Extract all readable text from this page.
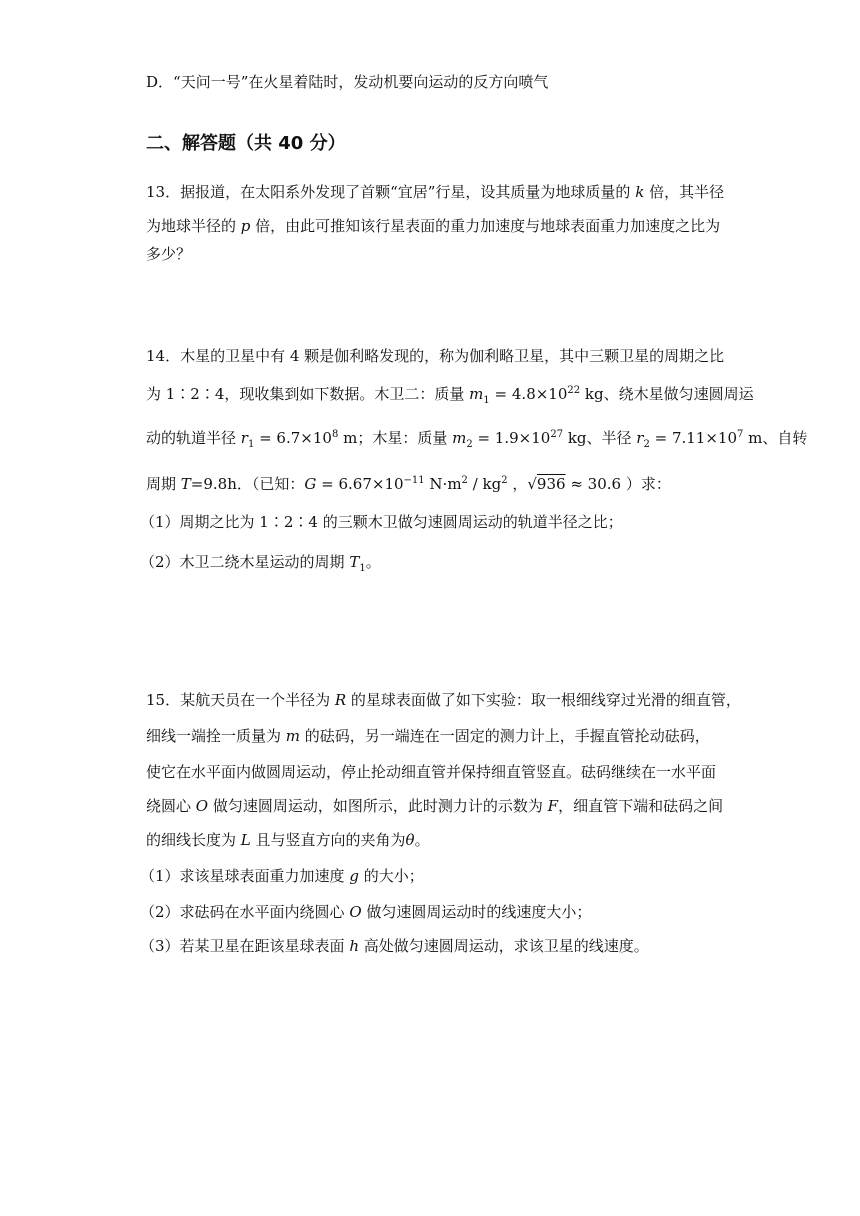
D．“天问一号”在火星着陆时，发动机要向运动的反方向喷气
二、解答题（共 40 分）
13．据报道，在太阳系外发现了首颗“宜居”行星，设其质量为地球质量的 k 倍，其半径
为地球半径的 p 倍，由此可推知该行星表面的重力加速度与地球表面重力加速度之比为
多少？
14．木星的卫星中有 4 颗是伽利略发现的，称为伽利略卫星，其中三颗卫星的周期之比
为 1∶2∶4，现收集到如下数据。木卫二：质量 $m_1 = 4.8\times 10^{22}$ kg、绕木星做匀速圆周运
动的轨道半径 $r_1 = 6.7\times 10^8$ m；木星：质量 $m_2 = 1.9\times 10^{27}$ kg、半径 $r_2 = 7.11\times 10^7$ m、自转
周期 T=9.8h．（已知：$G = 6.67\times 10^{-11}$ $N\cdot m^2 / kg^2$ ，√936 ≈ 30.6 ）求：
（1）周期之比为 1∶2∶4 的三颗木卫做匀速圆周运动的轨道半径之比；
（2）木卫二绕木星运动的周期 $T_1$。
15．某航天员在一个半径为 R 的星球表面做了如下实验：取一根细线穿过光滑的细直管，
细线一端拴一质量为 m 的砝码，另一端连在一固定的测力计上，手握直管抡动砝码，
使它在水平面内做圆周运动，停止抡动细直管并保持细直管竖直。砝码继续在一水平面
绕圆心 O 做匀速圆周运动，如图所示，此时测力计的示数为 F，细直管下端和砝码之间
的细线长度为 L 且与竖直方向的夹角为θ。
（1）求该星球表面重力加速度 g 的大小；
（2）求砝码在水平面内绕圆心 O 做匀速圆周运动时的线速度大小；
（3）若某卫星在距该星球表面 h 高处做匀速圆周运动，求该卫星的线速度。
